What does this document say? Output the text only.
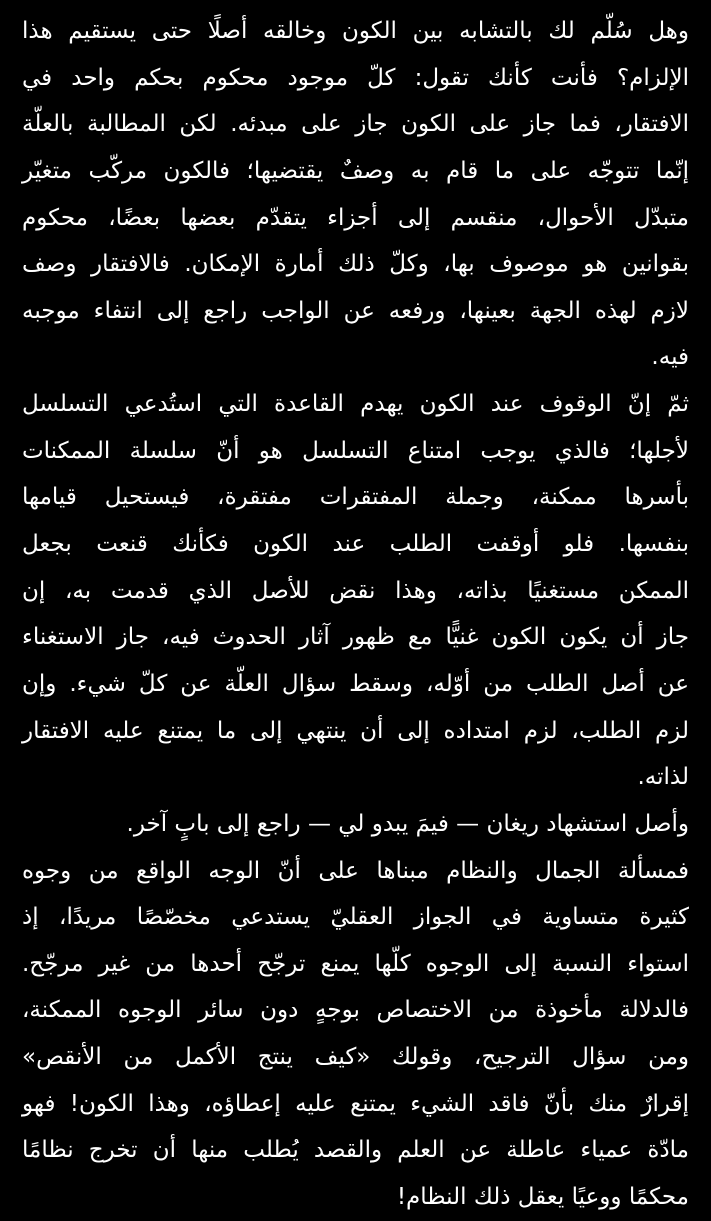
وهل سُلّم لك بالتشابه بين الكون وخالقه أصلًا حتى يستقيم هذا
الإلزام؟ فأنت كأنك تقول: كلّ موجود محكوم بحكم واحد في
الافتقار، فما جاز على الكون جاز على مبدئه. لكن المطالبة بالعلّة
إنّما تتوجّه على ما قام به وصفٌ يقتضيها؛ فالكون مركّب متغيّر
متبدّل الأحوال، منقسم إلى أجزاء يتقدّم بعضها بعضًا، محكوم
بقوانين هو موصوف بها، وكلّ ذلك أمارة الإمكان. فالافتقار وصف
لازم لهذه الجهة بعينها، ورفعه عن الواجب راجع إلى انتفاء موجبه
فيه.
ثمّ إنّ الوقوف عند الكون يهدم القاعدة التي استُدعي التسلسل
لأجلها؛ فالذي يوجب امتناع التسلسل هو أنّ سلسلة الممكنات
بأسرها ممكنة، وجملة المفتقرات مفتقرة، فيستحيل قيامها
بنفسها. فلو أوقفت الطلب عند الكون فكأنك قنعت بجعل
الممكن مستغنيًا بذاته، وهذا نقض للأصل الذي قدمت به، إن
جاز أن يكون الكون غنيًّا مع ظهور آثار الحدوث فيه، جاز الاستغناء
عن أصل الطلب من أوّله، وسقط سؤال العلّة عن كلّ شيء. وإن
لزم الطلب، لزم امتداده إلى أن ينتهي إلى ما يمتنع عليه الافتقار
لذاته.
وأصل استشهاد ريغان — فيمَ يبدو لي — راجع إلى بابٍ آخر.
فمسألة الجمال والنظام مبناها على أنّ الوجه الواقع من وجوه
كثيرة متساوية في الجواز العقليّ يستدعي مخصّصًا مريدًا، إذ
استواء النسبة إلى الوجوه كلّها يمنع ترجّح أحدها من غير مرجّح.
فالدلالة مأخوذة من الاختصاص بوجهٍ دون سائر الوجوه الممكنة،
ومن سؤال الترجيح، وقولك «كيف ينتج الأكمل من الأنقص»
إقرارٌ منك بأنّ فاقد الشيء يمتنع عليه إعطاؤه، وهذا الكون! فهو
مادّة عمياء عاطلة عن العلم والقصد يُطلب منها أن تخرج نظامًا
محكمًا ووعيًا يعقل ذلك النظام!
